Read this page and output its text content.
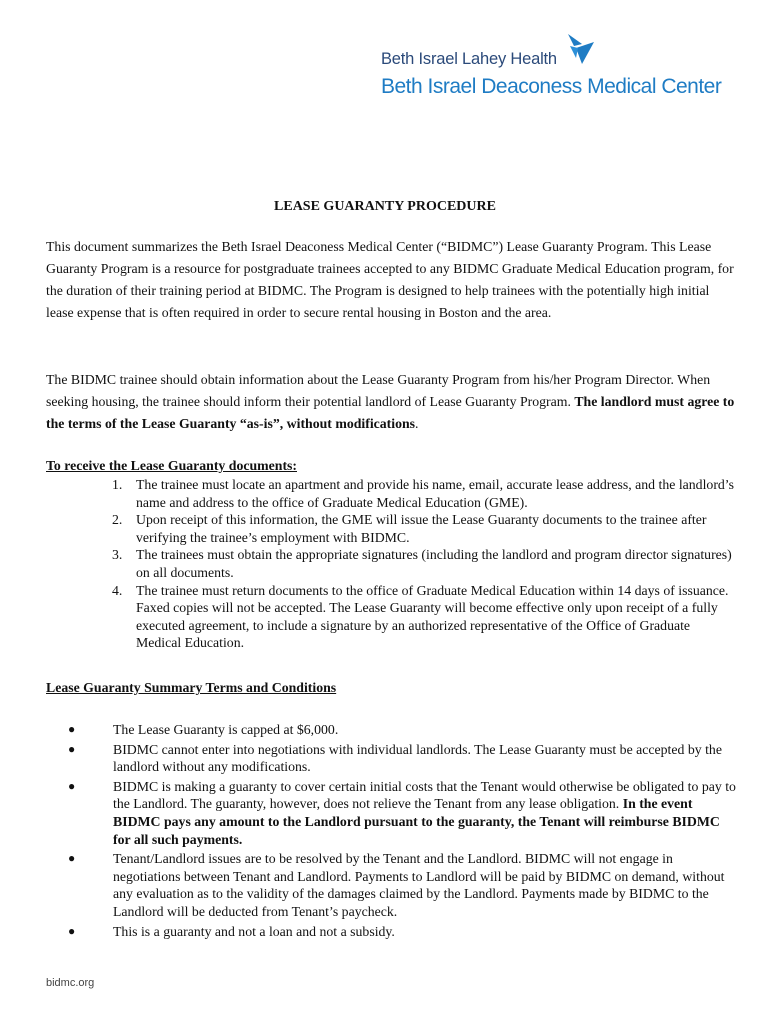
Beth Israel Lahey Health
Beth Israel Deaconess Medical Center
LEASE GUARANTY PROCEDURE

This document summarizes the Beth Israel Deaconess Medical Center (“BIDMC”) Lease Guaranty Program. This Lease Guaranty Program is a resource for postgraduate trainees accepted to any BIDMC Graduate Medical Education program, for the duration of their training period at BIDMC. The Program is designed to help trainees with the potentially high initial lease expense that is often required in order to secure rental housing in Boston and the area.

The BIDMC trainee should obtain information about the Lease Guaranty Program from his/her Program Director. When seeking housing, the trainee should inform their potential landlord of Lease Guaranty Program. The landlord must agree to the terms of the Lease Guaranty “as-is”, without modifications.

To receive the Lease Guaranty documents:

1. The trainee must locate an apartment and provide his name, email, accurate lease address, and the landlord’s name and address to the office of Graduate Medical Education (GME).
2. Upon receipt of this information, the GME will issue the Lease Guaranty documents to the trainee after verifying the trainee’s employment with BIDMC.
3. The trainees must obtain the appropriate signatures (including the landlord and program director signatures) on all documents.
4. The trainee must return documents to the office of Graduate Medical Education within 14 days of issuance. Faxed copies will not be accepted. The Lease Guaranty will become effective only upon receipt of a fully executed agreement, to include a signature by an authorized representative of the Office of Graduate Medical Education.

Lease Guaranty Summary Terms and Conditions

●	The Lease Guaranty is capped at $6,000.
●	BIDMC cannot enter into negotiations with individual landlords. The Lease Guaranty must be accepted by the landlord without any modifications.
●	BIDMC is making a guaranty to cover certain initial costs that the Tenant would otherwise be obligated to pay to the Landlord. The guaranty, however, does not relieve the Tenant from any lease obligation. In the event BIDMC pays any amount to the Landlord pursuant to the guaranty, the Tenant will reimburse BIDMC for all such payments.
●	Tenant/Landlord issues are to be resolved by the Tenant and the Landlord. BIDMC will not engage in negotiations between Tenant and Landlord. Payments to Landlord will be paid by BIDMC on demand, without any evaluation as to the validity of the damages claimed by the Landlord. Payments made by BIDMC to the Landlord will be deducted from Tenant’s paycheck.
●	This is a guaranty and not a loan and not a subsidy.
bidmc.org
